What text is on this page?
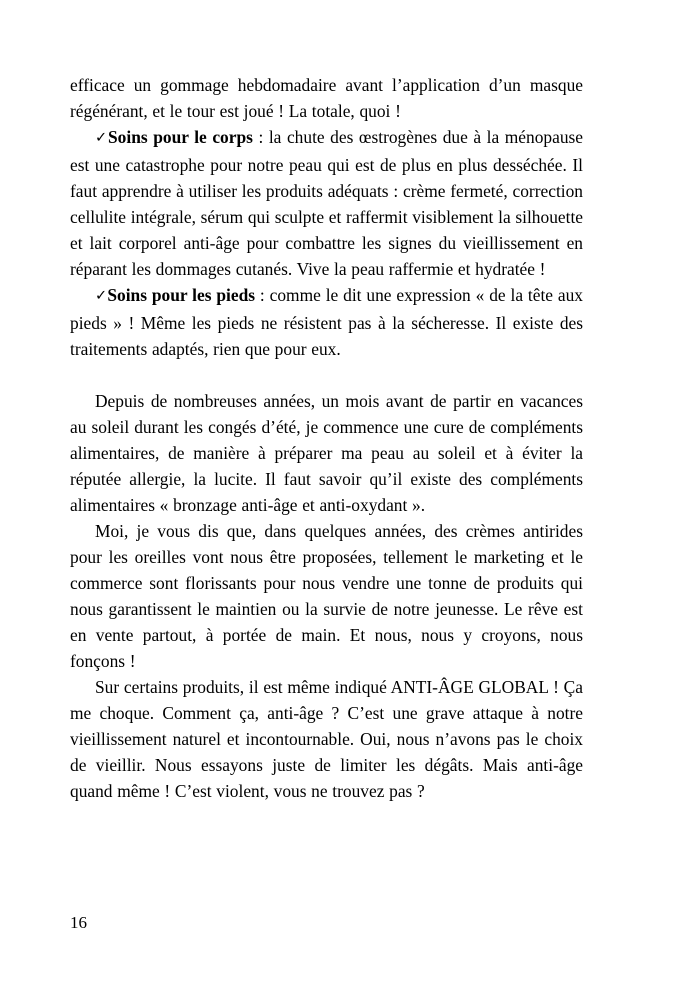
efficace un gommage hebdomadaire avant l’application d’un masque régénérant, et le tour est joué ! La totale, quoi !

✓Soins pour le corps : la chute des œstrogènes due à la ménopause est une catastrophe pour notre peau qui est de plus en plus desséchée. Il faut apprendre à utiliser les produits adéquats : crème fermeté, correction cellulite intégrale, sérum qui sculpte et raffermit visiblement la silhouette et lait corporel anti-âge pour combattre les signes du vieillissement en réparant les dommages cutanés. Vive la peau raffermie et hydratée !

✓Soins pour les pieds : comme le dit une expression « de la tête aux pieds » ! Même les pieds ne résistent pas à la sécheresse. Il existe des traitements adaptés, rien que pour eux.

Depuis de nombreuses années, un mois avant de partir en vacances au soleil durant les congés d’été, je commence une cure de compléments alimentaires, de manière à préparer ma peau au soleil et à éviter la réputée allergie, la lucite. Il faut savoir qu’il existe des compléments alimentaires « bronzage anti-âge et anti-oxydant ».

Moi, je vous dis que, dans quelques années, des crèmes antirides pour les oreilles vont nous être proposées, tellement le marketing et le commerce sont florissants pour nous vendre une tonne de produits qui nous garantissent le maintien ou la survie de notre jeunesse. Le rêve est en vente partout, à portée de main. Et nous, nous y croyons, nous fonçons !

Sur certains produits, il est même indiqué ANTI-ÂGE GLOBAL ! Ça me choque. Comment ça, anti-âge ? C’est une grave attaque à notre vieillissement naturel et incontournable. Oui, nous n’avons pas le choix de vieillir. Nous essayons juste de limiter les dégâts. Mais anti-âge quand même ! C’est violent, vous ne trouvez pas ?

16
